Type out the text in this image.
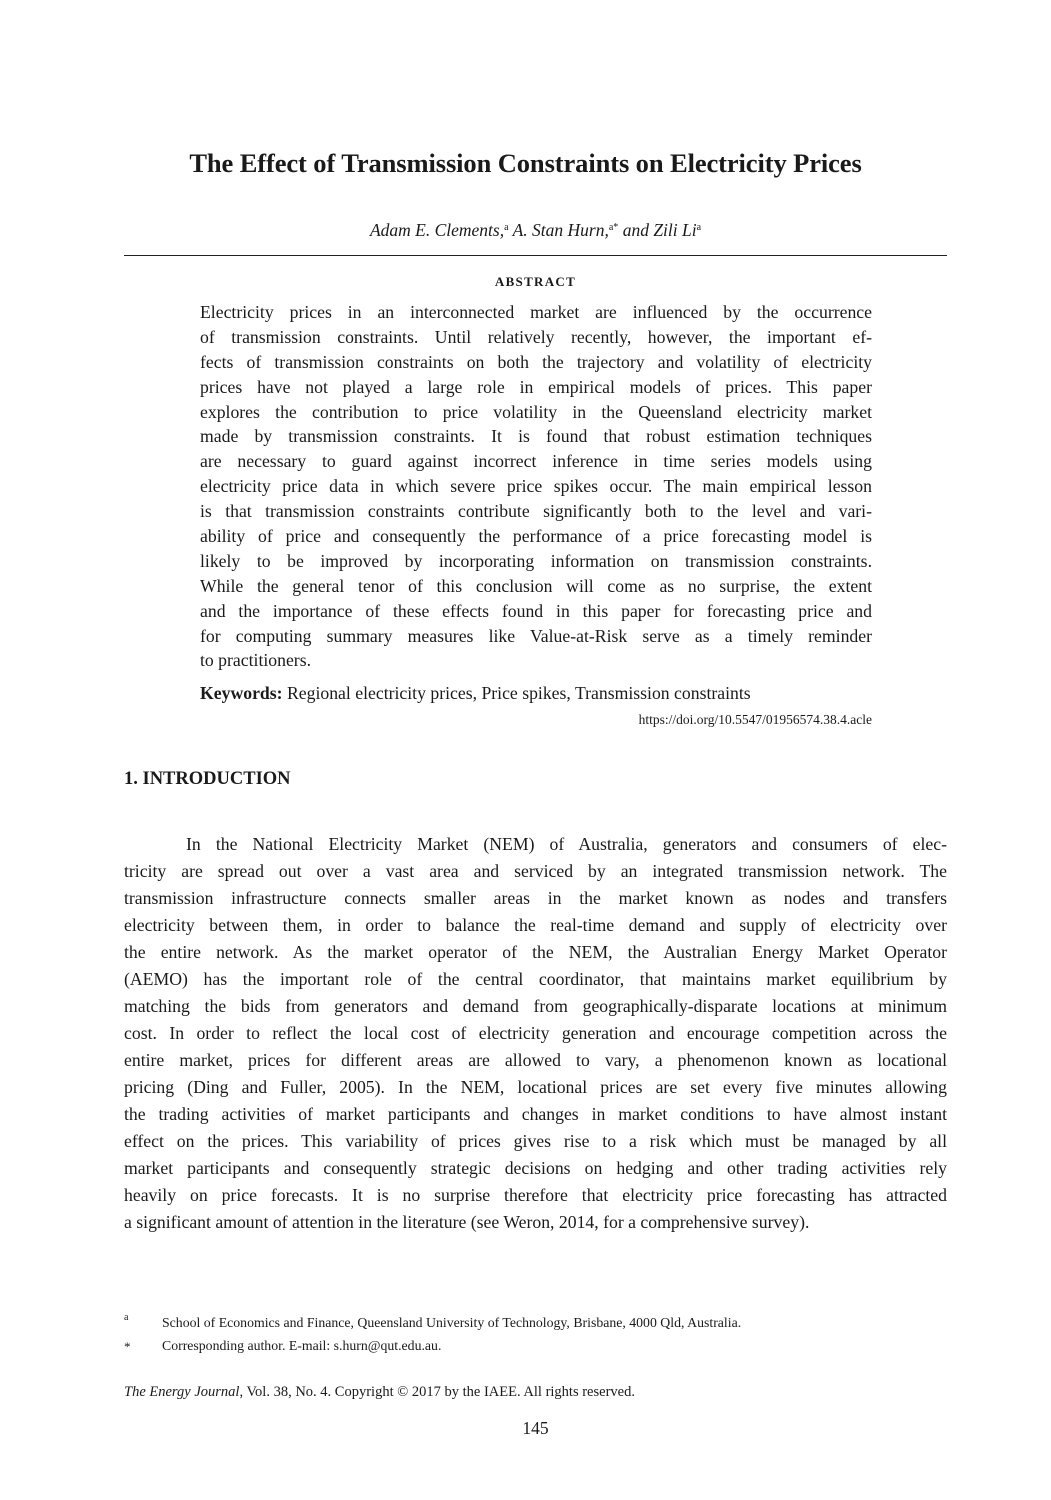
The Effect of Transmission Constraints on Electricity Prices
Adam E. Clements,$^a$ A. Stan Hurn,$^{a*}$ and Zili Li$^a$
ABSTRACT
Electricity prices in an interconnected market are influenced by the occurrence
of transmission constraints. Until relatively recently, however, the important ef-
fects of transmission constraints on both the trajectory and volatility of electricity
prices have not played a large role in empirical models of prices. This paper
explores the contribution to price volatility in the Queensland electricity market
made by transmission constraints. It is found that robust estimation techniques
are necessary to guard against incorrect inference in time series models using
electricity price data in which severe price spikes occur. The main empirical lesson
is that transmission constraints contribute significantly both to the level and vari-
ability of price and consequently the performance of a price forecasting model is
likely to be improved by incorporating information on transmission constraints.
While the general tenor of this conclusion will come as no surprise, the extent
and the importance of these effects found in this paper for forecasting price and
for computing summary measures like Value-at-Risk serve as a timely reminder
to practitioners.
Keywords: Regional electricity prices, Price spikes, Transmission constraints
https://doi.org/10.5547/01956574.38.4.acle
1. INTRODUCTION
In the National Electricity Market (NEM) of Australia, generators and consumers of elec-
tricity are spread out over a vast area and serviced by an integrated transmission network. The
transmission infrastructure connects smaller areas in the market known as nodes and transfers
electricity between them, in order to balance the real-time demand and supply of electricity over
the entire network. As the market operator of the NEM, the Australian Energy Market Operator
(AEMO) has the important role of the central coordinator, that maintains market equilibrium by
matching the bids from generators and demand from geographically-disparate locations at minimum
cost. In order to reflect the local cost of electricity generation and encourage competition across the
entire market, prices for different areas are allowed to vary, a phenomenon known as locational
pricing (Ding and Fuller, 2005). In the NEM, locational prices are set every five minutes allowing
the trading activities of market participants and changes in market conditions to have almost instant
effect on the prices. This variability of prices gives rise to a risk which must be managed by all
market participants and consequently strategic decisions on hedging and other trading activities rely
heavily on price forecasts. It is no surprise therefore that electricity price forecasting has attracted
a significant amount of attention in the literature (see Weron, 2014, for a comprehensive survey).
a School of Economics and Finance, Queensland University of Technology, Brisbane, 4000 Qld, Australia.
* Corresponding author. E-mail: s.hurn@qut.edu.au.
The Energy Journal, Vol. 38, No. 4. Copyright © 2017 by the IAEE. All rights reserved.
145
